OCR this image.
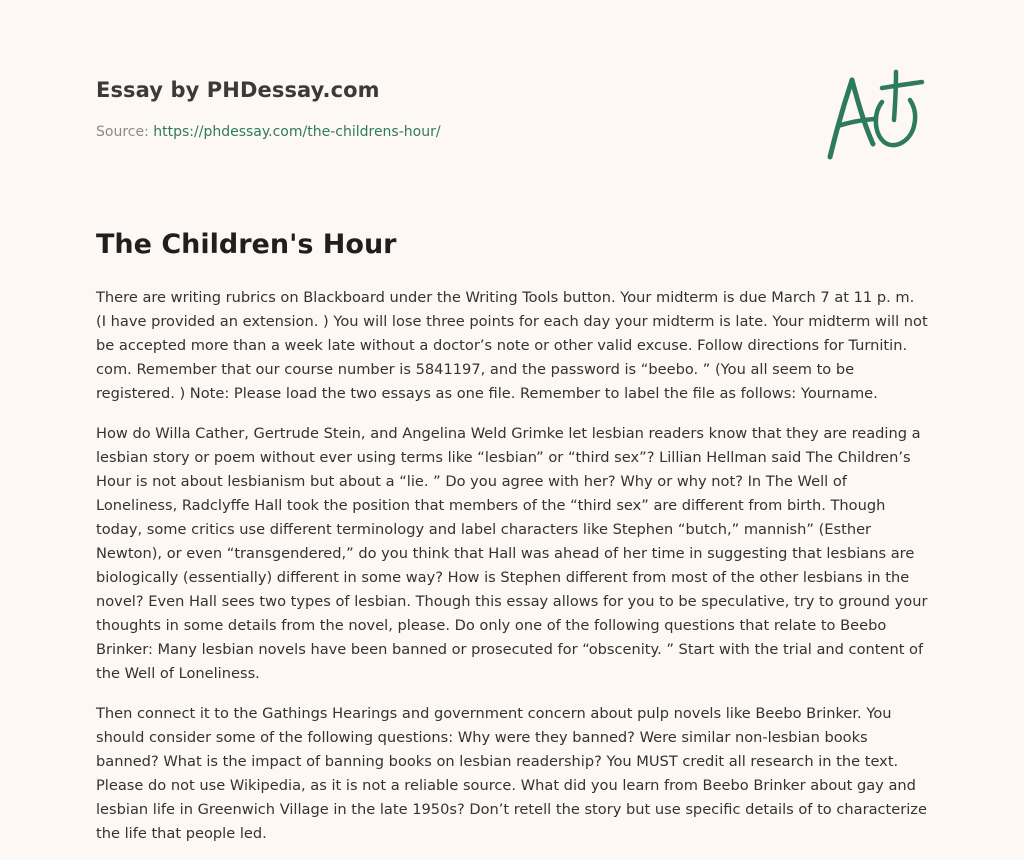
Essay by PHDessay.com
Source: https://phdessay.com/the-childrens-hour/
The Children's Hour

There are writing rubrics on Blackboard under the Writing Tools button. Your midterm is due March 7 at 11 p. m. (I have provided an extension. ) You will lose three points for each day your midterm is late. Your midterm will not be accepted more than a week late without a doctor’s note or other valid excuse. Follow directions for Turnitin. com. Remember that our course number is 5841197, and the password is “beebo. ” (You all seem to be registered. ) Note: Please load the two essays as one file. Remember to label the file as follows: Yourname.

How do Willa Cather, Gertrude Stein, and Angelina Weld Grimke let lesbian readers know that they are reading a lesbian story or poem without ever using terms like “lesbian” or “third sex”? Lillian Hellman said The Children’s Hour is not about lesbianism but about a “lie. ” Do you agree with her? Why or why not? In The Well of Loneliness, Radclyffe Hall took the position that members of the “third sex” are different from birth. Though today, some critics use different terminology and label characters like Stephen “butch,” mannish” (Esther Newton), or even “transgendered,” do you think that Hall was ahead of her time in suggesting that lesbians are biologically (essentially) different in some way? How is Stephen different from most of the other lesbians in the novel? Even Hall sees two types of lesbian. Though this essay allows for you to be speculative, try to ground your thoughts in some details from the novel, please. Do only one of the following questions that relate to Beebo Brinker: Many lesbian novels have been banned or prosecuted for “obscenity. ” Start with the trial and content of the Well of Loneliness.

Then connect it to the Gathings Hearings and government concern about pulp novels like Beebo Brinker. You should consider some of the following questions: Why were they banned? Were similar non-lesbian books banned? What is the impact of banning books on lesbian readership? You MUST credit all research in the text. Please do not use Wikipedia, as it is not a reliable source. What did you learn from Beebo Brinker about gay and lesbian life in Greenwich Village in the late 1950s? Don’t retell the story but use specific details of to characterize the life that people led.
